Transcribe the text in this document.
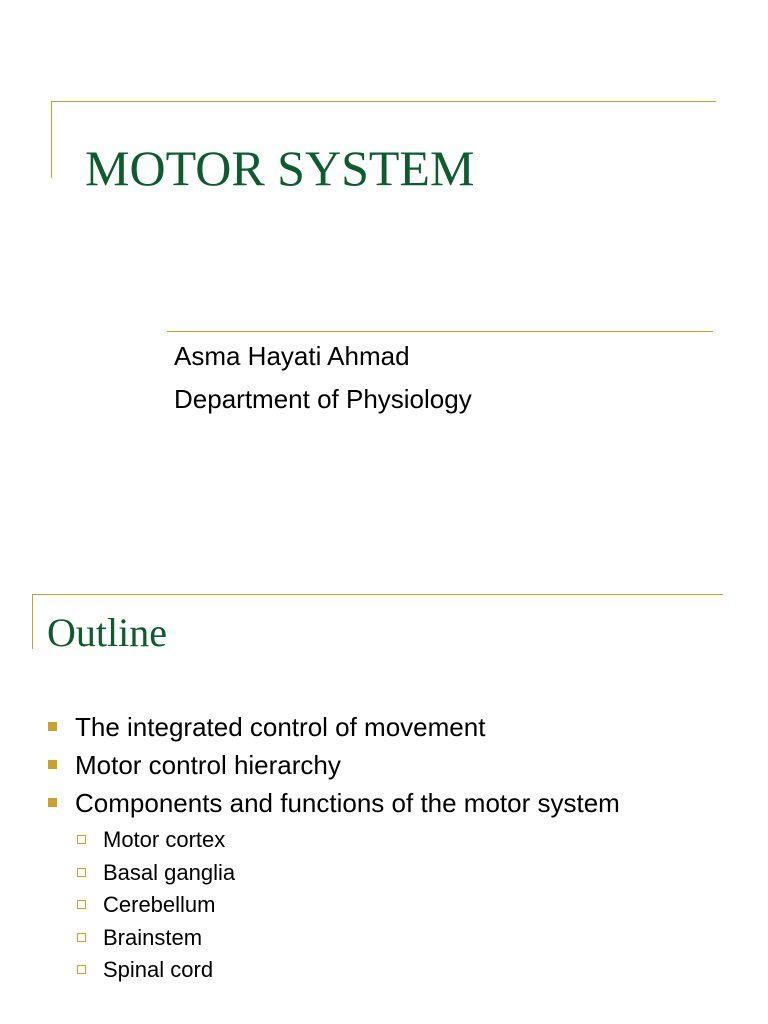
MOTOR SYSTEM

Asma Hayati Ahmad

Department of Physiology

Outline
The integrated control of movement
Motor control hierarchy
Components and functions of the motor system
Motor cortex
Basal ganglia
Cerebellum
Brainstem
Spinal cord
